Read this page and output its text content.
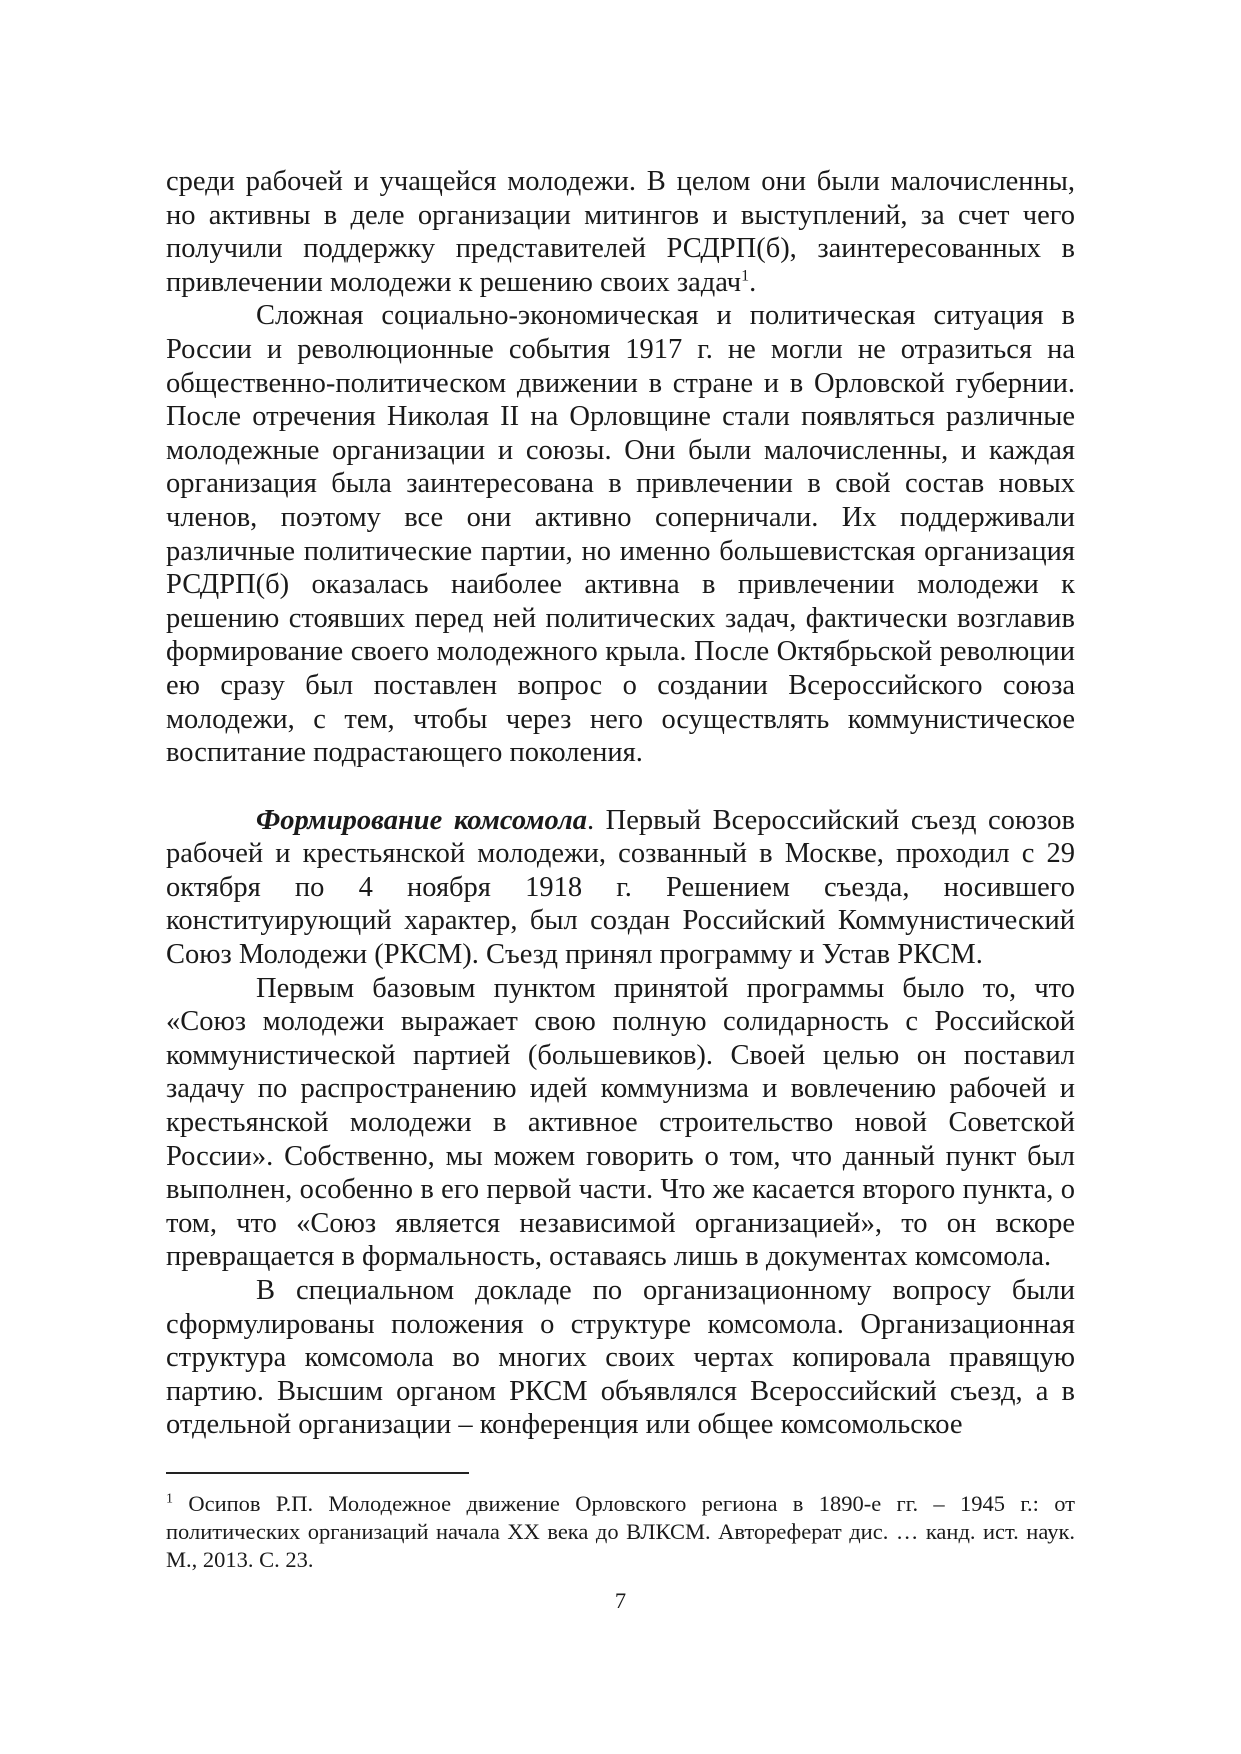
среди рабочей и учащейся молодежи. В целом они были малочисленны, но активны в деле организации митингов и выступлений, за счет чего получили поддержку представителей РСДРП(б), заинтересованных в привлечении молодежи к решению своих задач$^1$.

Сложная социально-экономическая и политическая ситуация в России и революционные события 1917 г. не могли не отразиться на общественно-политическом движении в стране и в Орловской губернии. После отречения Николая II на Орловщине стали появляться различные молодежные организации и союзы. Они были малочисленны, и каждая организация была заинтересована в привлечении в свой состав новых членов, поэтому все они активно соперничали. Их поддерживали различные политические партии, но именно большевистская организация РСДРП(б) оказалась наиболее активна в привлечении молодежи к решению стоявших перед ней политических задач, фактически возглавив формирование своего молодежного крыла. После Октябрьской революции ею сразу был поставлен вопрос о создании Всероссийского союза молодежи, с тем, чтобы через него осуществлять коммунистическое воспитание подрастающего поколения.

Формирование комсомола. Первый Всероссийский съезд союзов рабочей и крестьянской молодежи, созванный в Москве, проходил с 29 октября по 4 ноября 1918 г. Решением съезда, носившего конституирующий характер, был создан Российский Коммунистический Союз Молодежи (РКСМ). Съезд принял программу и Устав РКСМ.

Первым базовым пунктом принятой программы было то, что «Союз молодежи выражает свою полную солидарность с Российской коммунистической партией (большевиков). Своей целью он поставил задачу по распространению идей коммунизма и вовлечению рабочей и крестьянской молодежи в активное строительство новой Советской России». Собственно, мы можем говорить о том, что данный пункт был выполнен, особенно в его первой части. Что же касается второго пункта, о том, что «Союз является независимой организацией», то он вскоре превращается в формальность, оставаясь лишь в документах комсомола.

В специальном докладе по организационному вопросу были сформулированы положения о структуре комсомола. Организационная структура комсомола во многих своих чертах копировала правящую партию. Высшим органом РКСМ объявлялся Всероссийский съезд, а в отдельной организации – конференция или общее комсомольское

$^1$ Осипов Р.П. Молодежное движение Орловского региона в 1890-е гг. – 1945 г.: от политических организаций начала XX века до ВЛКСМ. Автореферат дис. … канд. ист. наук. М., 2013. С. 23.

7
